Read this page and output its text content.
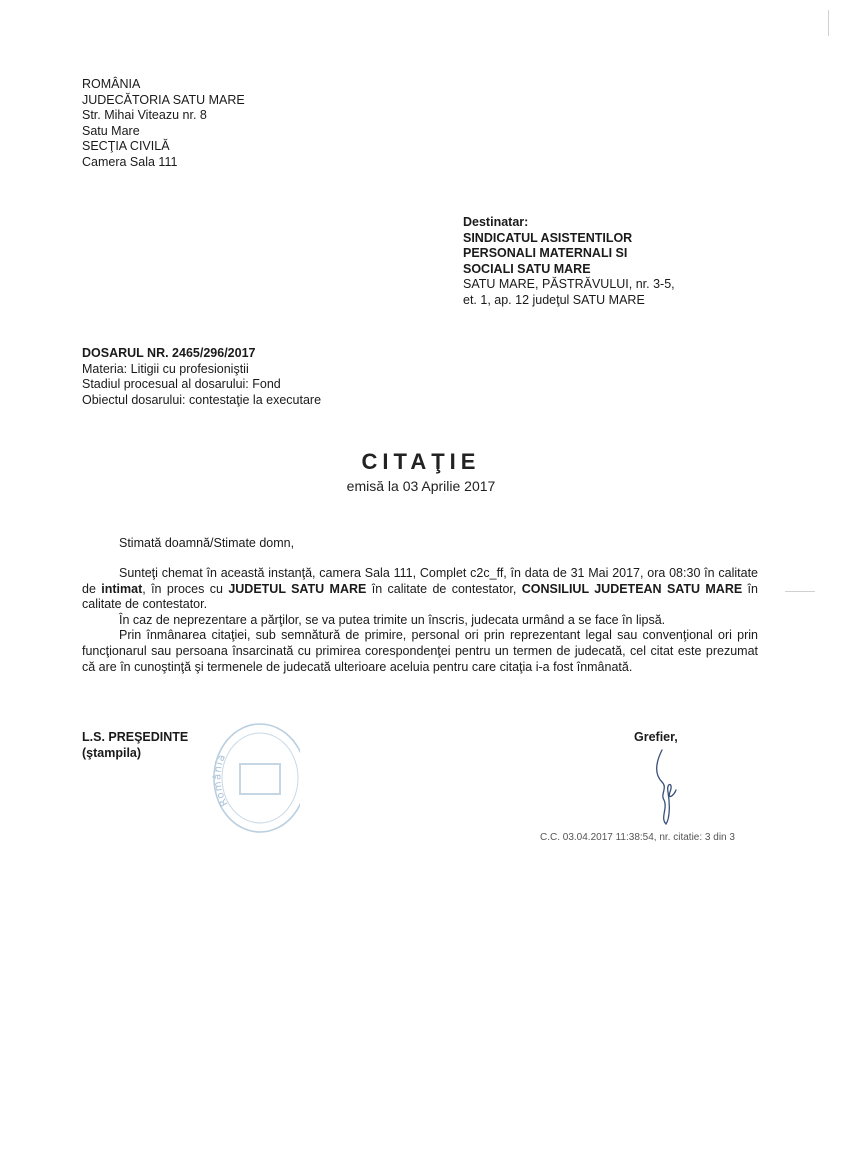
ROMÂNIA
JUDECĂTORIA SATU MARE
Str. Mihai Viteazu nr. 8
Satu Mare
SECŢIA CIVILĂ
Camera Sala 111
Destinatar:
SINDICATUL ASISTENTILOR
PERSONALI MATERNALI SI
SOCIALI SATU MARE
SATU MARE, PĂSTRĂVULUI, nr. 3-5,
et. 1, ap. 12 judeţul SATU MARE
DOSARUL NR. 2465/296/2017
Materia: Litigii cu profesioniştii
Stadiul procesual al dosarului: Fond
Obiectul dosarului: contestaţie la executare
CITAŢIE
emisă la 03 Aprilie 2017
Stimată doamnă/Stimate domn,

Sunteţi chemat în această instanţă, camera Sala 111, Complet c2c_ff, în data de 31 Mai 2017, ora 08:30 în calitate de intimat, în proces cu JUDETUL SATU MARE în calitate de contestator, CONSILIUL JUDETEAN SATU MARE în calitate de contestator.

În caz de neprezentare a părţilor, se va putea trimite un înscris, judecata urmând a se face în lipsă.

Prin înmânarea citaţiei, sub semnătură de primire, personal ori prin reprezentant legal sau convenţional ori prin funcţionarul sau persoana însarcinată cu primirea corespondenţei pentru un termen de judecată, cel citat este prezumat că are în cunoştinţă şi termenele de judecată ulterioare aceluia pentru care citaţia i-a fost înmânată.

L.S. PREŞEDINTE
(ştampila)
România
Grefier,
C.C. 03.04.2017 11:38:54, nr. citatie: 3 din 3
